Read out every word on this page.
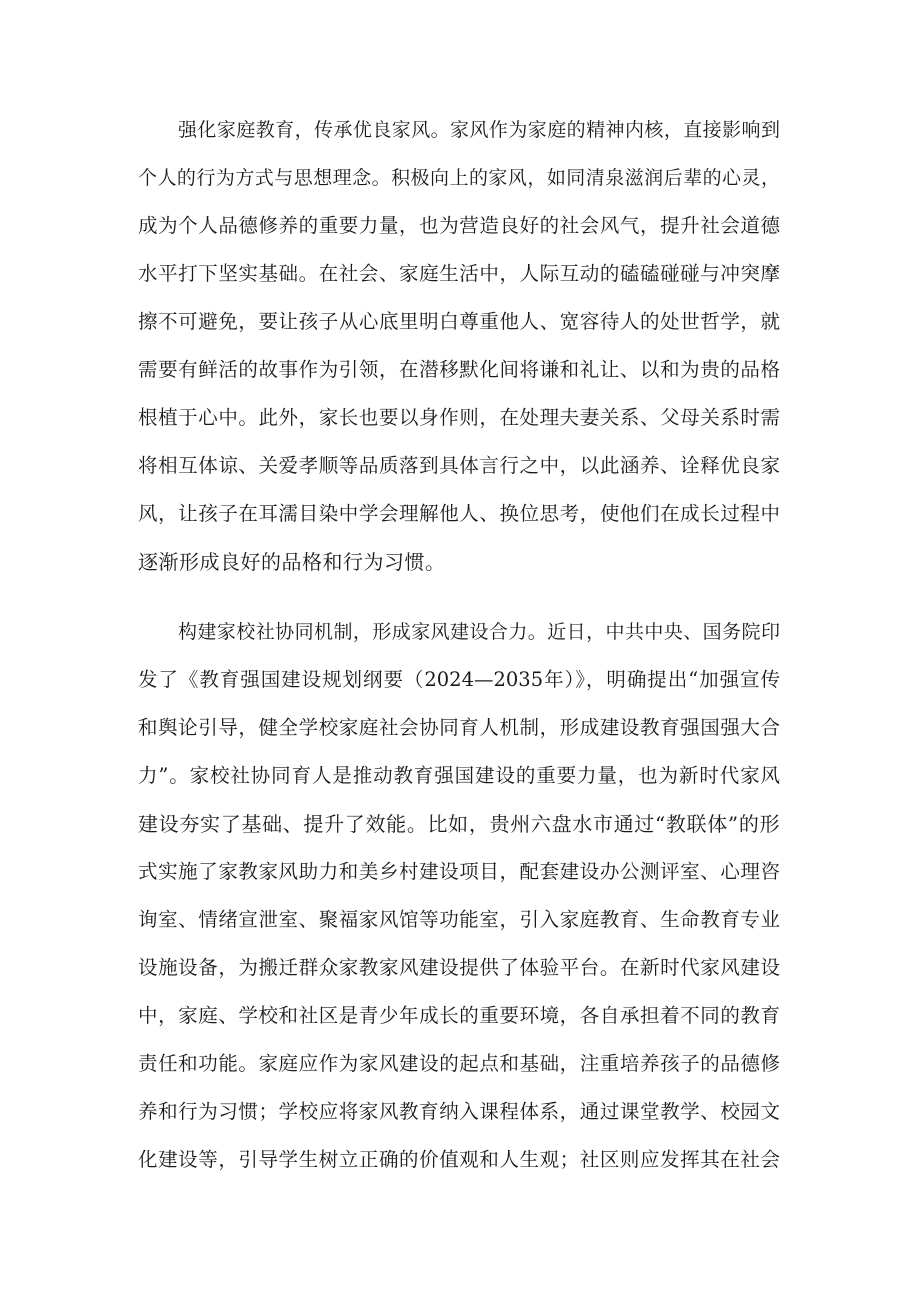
强化家庭教育，传承优良家风。家风作为家庭的精神内核，直接影响到
个人的行为方式与思想理念。积极向上的家风，如同清泉滋润后辈的心灵，
成为个人品德修养的重要力量，也为营造良好的社会风气，提升社会道德
水平打下坚实基础。在社会、家庭生活中，人际互动的磕磕碰碰与冲突摩
擦不可避免，要让孩子从心底里明白尊重他人、宽容待人的处世哲学，就
需要有鲜活的故事作为引领，在潜移默化间将谦和礼让、以和为贵的品格
根植于心中。此外，家长也要以身作则，在处理夫妻关系、父母关系时需
将相互体谅、关爱孝顺等品质落到具体言行之中，以此涵养、诠释优良家
风，让孩子在耳濡目染中学会理解他人、换位思考，使他们在成长过程中
逐渐形成良好的品格和行为习惯。
构建家校社协同机制，形成家风建设合力。近日，中共中央、国务院印
发了《教育强国建设规划纲要（2024—2035年）》，明确提出“加强宣传
和舆论引导，健全学校家庭社会协同育人机制，形成建设教育强国强大合
力”。家校社协同育人是推动教育强国建设的重要力量，也为新时代家风
建设夯实了基础、提升了效能。比如，贵州六盘水市通过“教联体”的形
式实施了家教家风助力和美乡村建设项目，配套建设办公测评室、心理咨
询室、情绪宣泄室、聚福家风馆等功能室，引入家庭教育、生命教育专业
设施设备，为搬迁群众家教家风建设提供了体验平台。在新时代家风建设
中，家庭、学校和社区是青少年成长的重要环境，各自承担着不同的教育
责任和功能。家庭应作为家风建设的起点和基础，注重培养孩子的品德修
养和行为习惯；学校应将家风教育纳入课程体系，通过课堂教学、校园文
化建设等，引导学生树立正确的价值观和人生观；社区则应发挥其在社会
